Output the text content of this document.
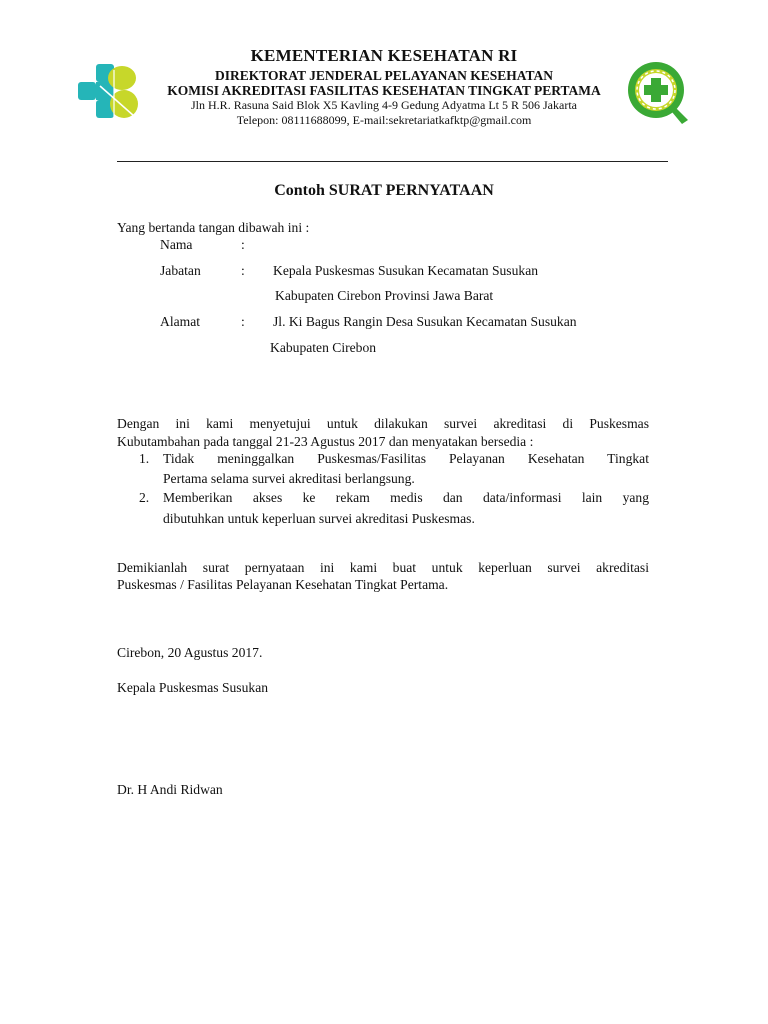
KEMENTERIAN KESEHATAN RI
DIREKTORAT JENDERAL PELAYANAN KESEHATAN
KOMISI AKREDITASI FASILITAS KESEHATAN TINGKAT PERTAMA
Jln H.R. Rasuna Said Blok X5 Kavling 4-9 Gedung Adyatma Lt 5 R 506 Jakarta
Telepon: 08111688099, E-mail:sekretariatkafktp@gmail.com
Contoh SURAT PERNYATAAN
Yang bertanda tangan dibawah ini :
Nama	:
Jabatan	: Kepala Puskesmas Susukan Kecamatan Susukan
Kabupaten Cirebon Provinsi Jawa Barat
Alamat	: Jl. Ki Bagus Rangin Desa Susukan Kecamatan Susukan
Kabupaten Cirebon
Dengan ini kami menyetujui untuk dilakukan survei akreditasi di Puskesmas
Kubutambahan pada tanggal 21-23 Agustus 2017 dan menyatakan bersedia :
1. Tidak meninggalkan Puskesmas/Fasilitas Pelayanan Kesehatan Tingkat
Pertama selama survei akreditasi berlangsung.
2. Memberikan akses ke rekam medis dan data/informasi lain yang
dibutuhkan untuk keperluan survei akreditasi Puskesmas.
Demikianlah surat pernyataan ini kami buat untuk keperluan survei akreditasi
Puskesmas / Fasilitas Pelayanan Kesehatan Tingkat Pertama.
Cirebon, 20 Agustus 2017.
Kepala Puskesmas Susukan
Dr. H Andi Ridwan
